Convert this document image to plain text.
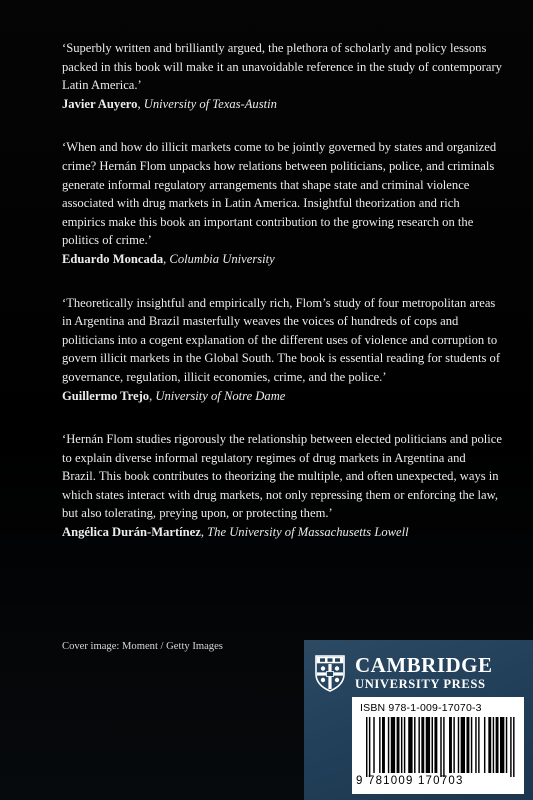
‘Superbly written and brilliantly argued, the plethora of scholarly and policy lessons packed in this book will make it an unavoidable reference in the study of contemporary Latin America.’

Javier Auyero, University of Texas-Austin

‘When and how do illicit markets come to be jointly governed by states and organized crime? Hernán Flom unpacks how relations between politicians, police, and criminals generate informal regulatory arrangements that shape state and criminal violence associated with drug markets in Latin America. Insightful theorization and rich empirics make this book an important contribution to the growing research on the politics of crime.’

Eduardo Moncada, Columbia University

‘Theoretically insightful and empirically rich, Flom’s study of four metropolitan areas in Argentina and Brazil masterfully weaves the voices of hundreds of cops and politicians into a cogent explanation of the different uses of violence and corruption to govern illicit markets in the Global South. The book is essential reading for students of governance, regulation, illicit economies, crime, and the police.’

Guillermo Trejo, University of Notre Dame

‘Hernán Flom studies rigorously the relationship between elected politicians and police to explain diverse informal regulatory regimes of drug markets in Argentina and Brazil. This book contributes to theorizing the multiple, and often unexpected, ways in which states interact with drug markets, not only repressing them or enforcing the law, but also tolerating, preying upon, or protecting them.’

Angélica Durán-Martínez, The University of Massachusetts Lowell

Cover image: Moment / Getty Images
CAMBRIDGE
UNIVERSITY PRESS
ISBN 978-1-009-17070-3
9 781009 170703
